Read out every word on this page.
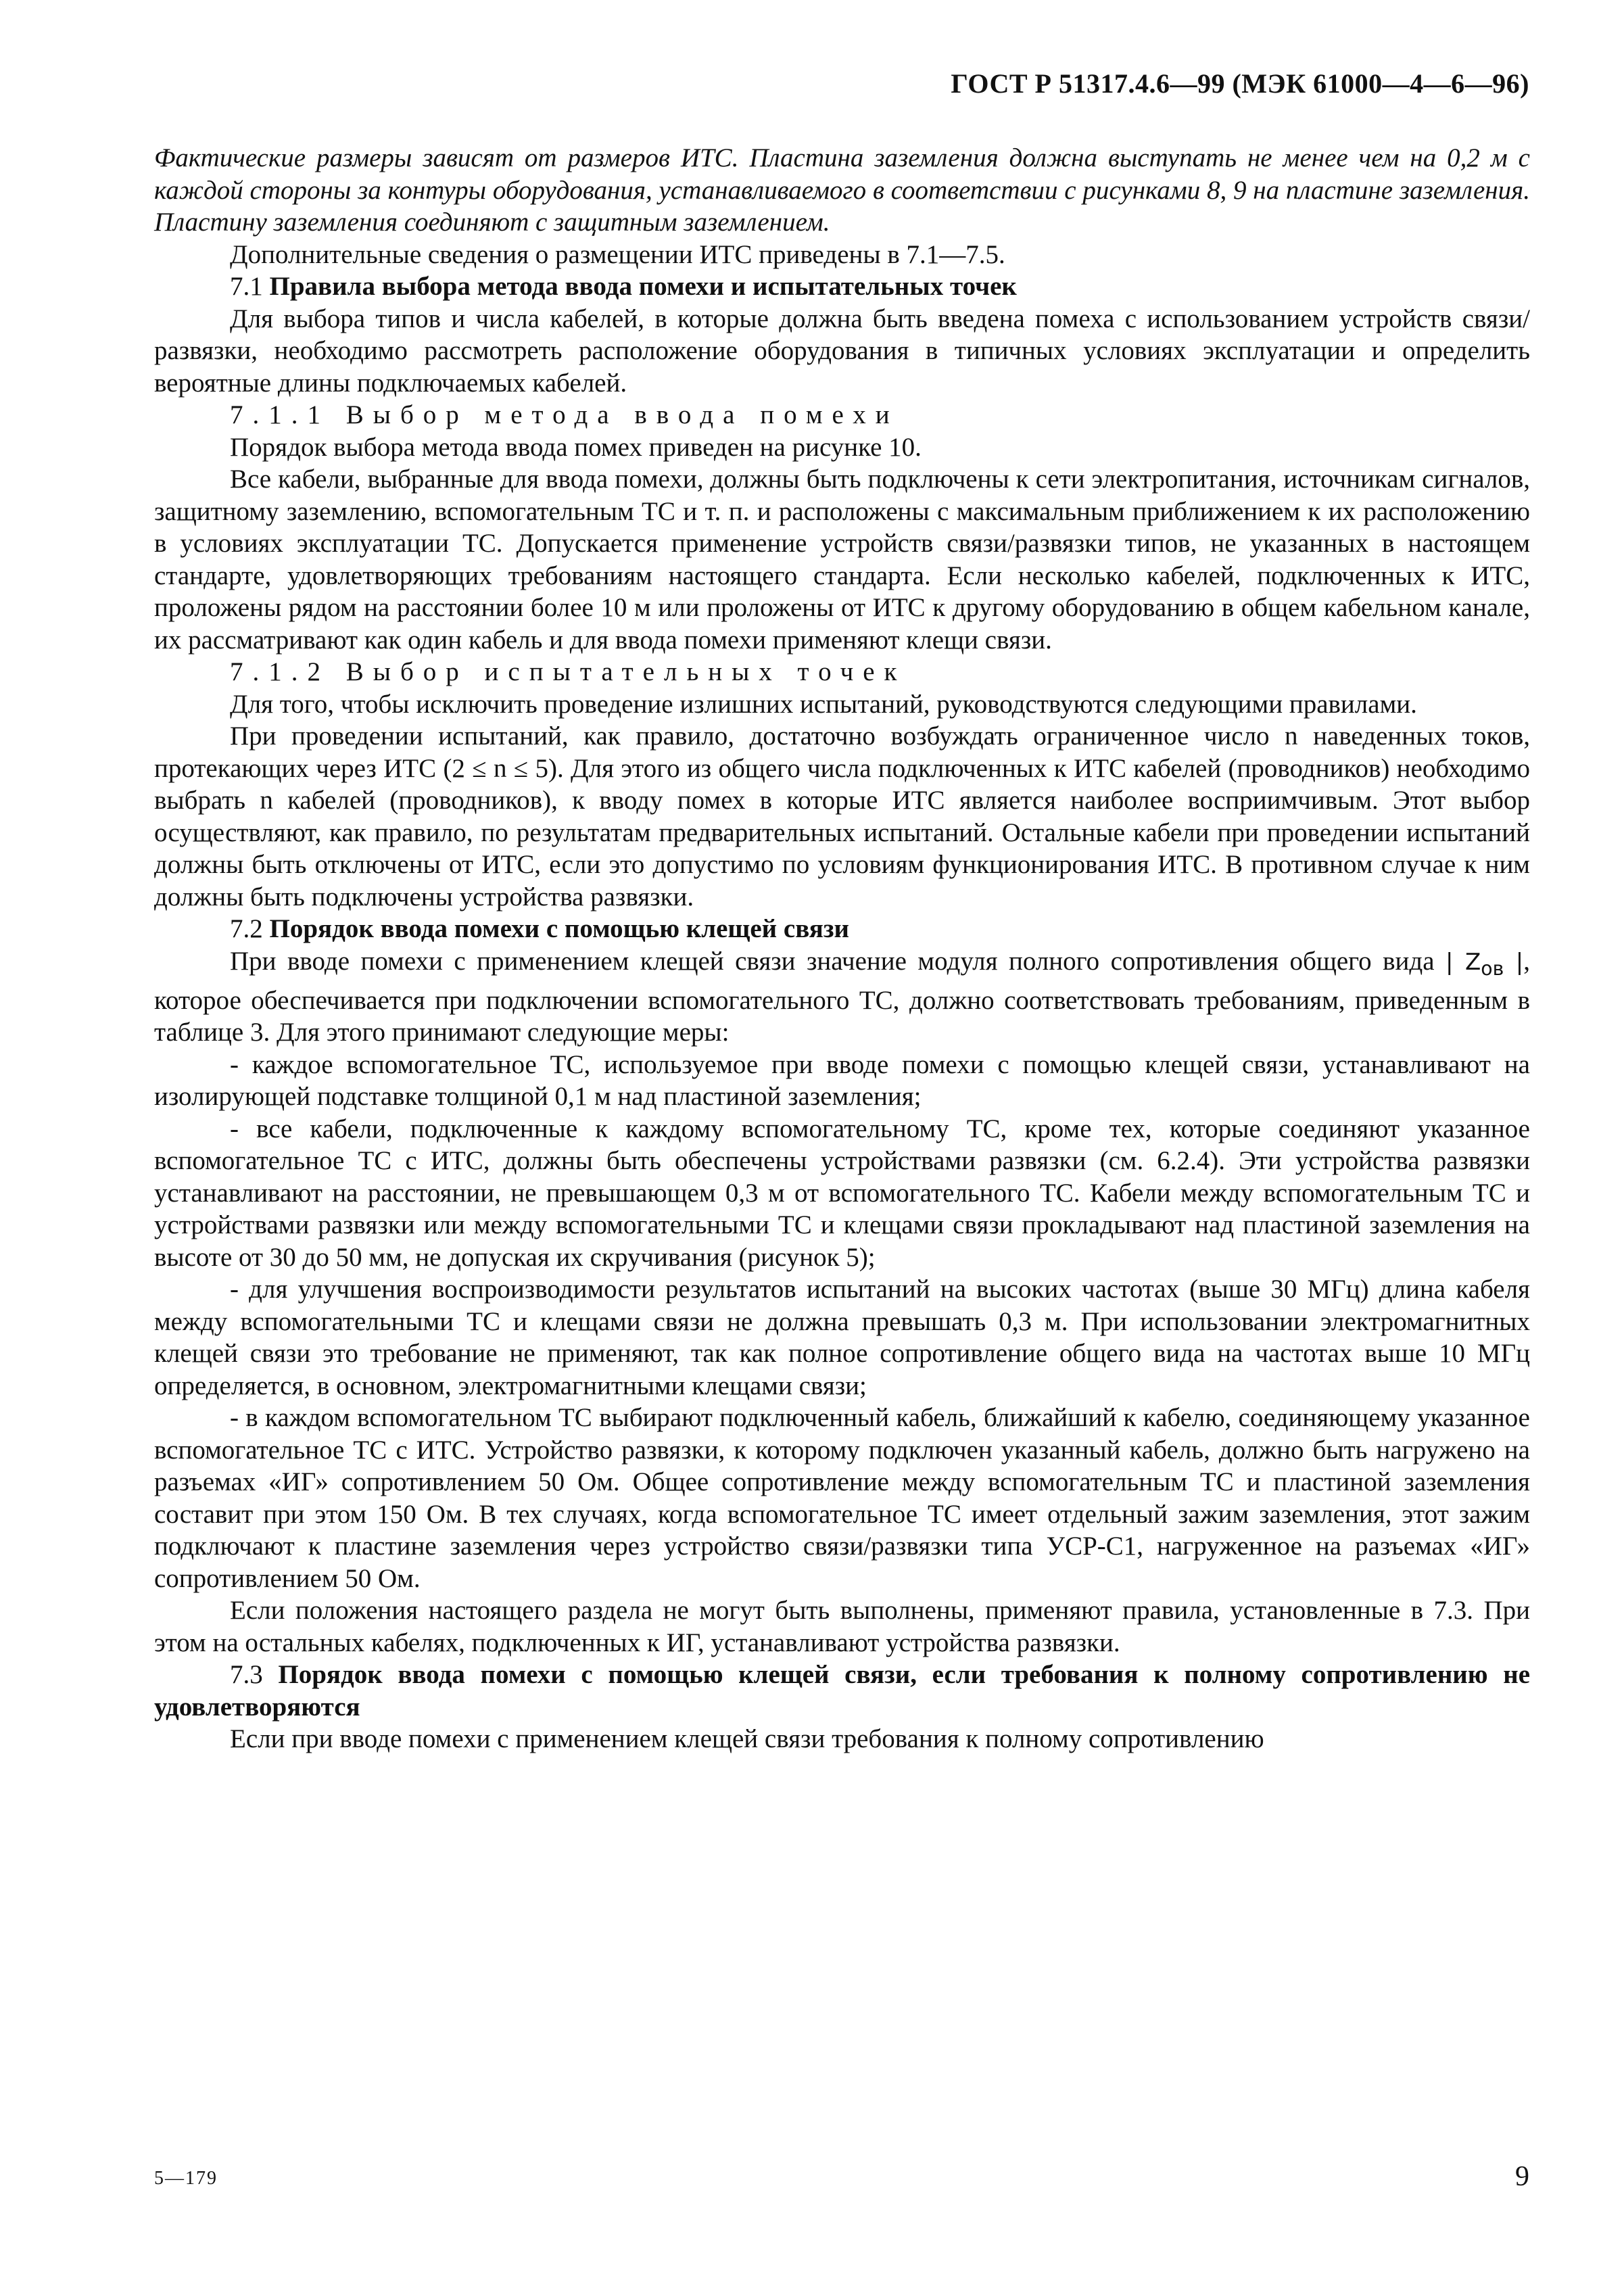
ГОСТ Р 51317.4.6—99 (МЭК 61000—4—6—96)

Фактические размеры зависят от размеров ИТС. Пластина заземления должна выступать не менее чем на 0,2 м с каждой стороны за контуры оборудования, устанавливаемого в соответствии с рисунками 8, 9 на пластине заземления. Пластину заземления соединяют с защитным заземлением.

Дополнительные сведения о размещении ИТС приведены в 7.1—7.5.

7.1 Правила выбора метода ввода помехи и испытательных точек

Для выбора типов и числа кабелей, в которые должна быть введена помеха с использованием устройств связи/развязки, необходимо рассмотреть расположение оборудования в типичных условиях эксплуатации и определить вероятные длины подключаемых кабелей.

7.1.1 Выбор метода ввода помехи

Порядок выбора метода ввода помех приведен на рисунке 10.

Все кабели, выбранные для ввода помехи, должны быть подключены к сети электропитания, источникам сигналов, защитному заземлению, вспомогательным ТС и т. п. и расположены с максимальным приближением к их расположению в условиях эксплуатации ТС. Допускается применение устройств связи/развязки типов, не указанных в настоящем стандарте, удовлетворяющих требованиям настоящего стандарта. Если несколько кабелей, подключенных к ИТС, проложены рядом на расстоянии более 10 м или проложены от ИТС к другому оборудованию в общем кабельном канале, их рассматривают как один кабель и для ввода помехи применяют клещи связи.

7.1.2 Выбор испытательных точек

Для того, чтобы исключить проведение излишних испытаний, руководствуются следующими правилами.

При проведении испытаний, как правило, достаточно возбуждать ограниченное число n наведенных токов, протекающих через ИТС (2 ≤ n ≤ 5). Для этого из общего числа подключенных к ИТС кабелей (проводников) необходимо выбрать n кабелей (проводников), к вводу помех в которые ИТС является наиболее восприимчивым. Этот выбор осуществляют, как правило, по результатам предварительных испытаний. Остальные кабели при проведении испытаний должны быть отключены от ИТС, если это допустимо по условиям функционирования ИТС. В противном случае к ним должны быть подключены устройства развязки.

7.2 Порядок ввода помехи с помощью клещей связи

При вводе помехи с применением клещей связи значение модуля полного сопротивления общего вида | $Z_{ов}$ |, которое обеспечивается при подключении вспомогательного ТС, должно соответствовать требованиям, приведенным в таблице 3. Для этого принимают следующие меры:

- каждое вспомогательное ТС, используемое при вводе помехи с помощью клещей связи, устанавливают на изолирующей подставке толщиной 0,1 м над пластиной заземления;

- все кабели, подключенные к каждому вспомогательному ТС, кроме тех, которые соединяют указанное вспомогательное ТС с ИТС, должны быть обеспечены устройствами развязки (см. 6.2.4). Эти устройства развязки устанавливают на расстоянии, не превышающем 0,3 м от вспомогательного ТС. Кабели между вспомогательным ТС и устройствами развязки или между вспомогательными ТС и клещами связи прокладывают над пластиной заземления на высоте от 30 до 50 мм, не допуская их скручивания (рисунок 5);

- для улучшения воспроизводимости результатов испытаний на высоких частотах (выше 30 МГц) длина кабеля между вспомогательными ТС и клещами связи не должна превышать 0,3 м. При использовании электромагнитных клещей связи это требование не применяют, так как полное сопротивление общего вида на частотах выше 10 МГц определяется, в основном, электромагнитными клещами связи;

- в каждом вспомогательном ТС выбирают подключенный кабель, ближайший к кабелю, соединяющему указанное вспомогательное ТС с ИТС. Устройство развязки, к которому подключен указанный кабель, должно быть нагружено на разъемах «ИГ» сопротивлением 50 Ом. Общее сопротивление между вспомогательным ТС и пластиной заземления составит при этом 150 Ом. В тех случаях, когда вспомогательное ТС имеет отдельный зажим заземления, этот зажим подключают к пластине заземления через устройство связи/развязки типа УСР-С1, нагруженное на разъемах «ИГ» сопротивлением 50 Ом.

Если положения настоящего раздела не могут быть выполнены, применяют правила, установленные в 7.3. При этом на остальных кабелях, подключенных к ИГ, устанавливают устройства развязки.

7.3 Порядок ввода помехи с помощью клещей связи, если требования к полному сопротивлению не удовлетворяются

Если при вводе помехи с применением клещей связи требования к полному сопротивлению

5—179	9
